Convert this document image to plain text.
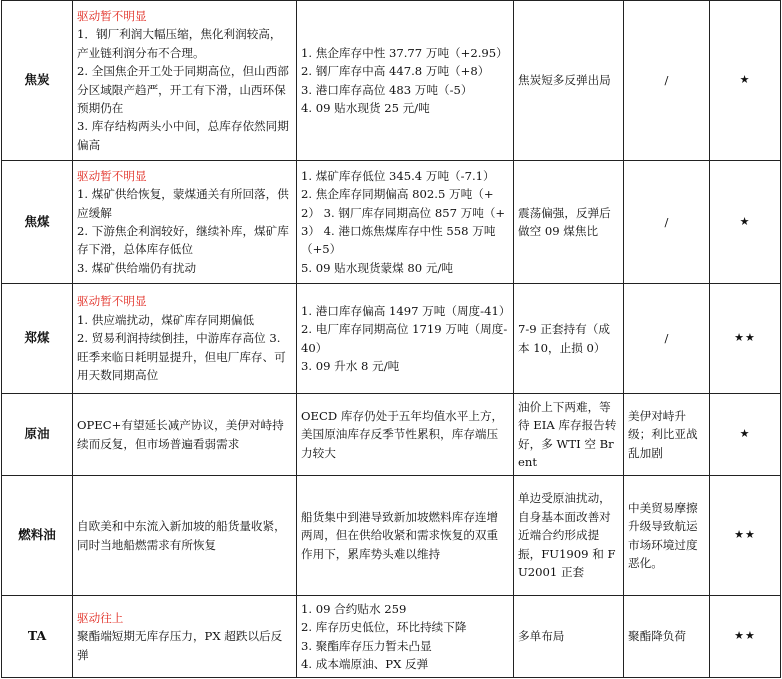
焦炭	驱动暂不明显
1．钢厂利润大幅压缩，焦化利润较高，产业链利润分布不合理。
2. 全国焦企开工处于同期高位，但山西部分区域限产趋严，开工有下滑，山西环保预期仍在
3. 库存结构两头小中间，总库存依然同期偏高	1. 焦企库存中性 37.77 万吨（+2.95）
2. 钢厂库存中高 447.8 万吨（+8）
3. 港口库存高位 483 万吨（-5）
4. 09 贴水现货 25 元/吨	焦炭短多反弹出局	/	★
焦煤	驱动暂不明显
1. 煤矿供给恢复，蒙煤通关有所回落，供应缓解
2. 下游焦企利润较好，继续补库，煤矿库存下滑，总体库存低位
3. 煤矿供给端仍有扰动	1. 煤矿库存低位 345.4 万吨（-7.1）
2. 焦企库存同期偏高 802.5 万吨（+2） 3. 钢厂库存同期高位 857 万吨（+3） 4. 港口炼焦煤库存中性 558 万吨（+5）
5. 09 贴水现货蒙煤 80 元/吨	震荡偏强，反弹后做空 09 煤焦比	/	★
郑煤	驱动暂不明显
1. 供应端扰动，煤矿库存同期偏低
2. 贸易利润持续倒挂，中游库存高位 3. 旺季来临日耗明显提升，但电厂库存、可用天数同期高位	1. 港口库存偏高 1497 万吨（周度-41）
2. 电厂库存同期高位 1719 万吨（周度-40）
3. 09 升水 8 元/吨	7-9 正套持有（成本 10，止损 0）	/	★★
原油	OPEC+有望延长减产协议，美伊对峙持续而反复，但市场普遍看弱需求	OECD 库存仍处于五年均值水平上方，美国原油库存反季节性累积，库存端压力较大	油价上下两难，等待 EIA 库存报告转好，多 WTI 空 Brent	美伊对峙升级；利比亚战乱加剧	★
燃料油	自欧美和中东流入新加坡的船货量收紧，同时当地船燃需求有所恢复	船货集中到港导致新加坡燃料库存连增两周，但在供给收紧和需求恢复的双重作用下，累库势头难以维持	单边受原油扰动，自身基本面改善对近端合约形成提振，FU1909 和 FU2001 正套	中美贸易摩擦升级导致航运市场环境过度恶化。	★★
TA	驱动往上
聚酯端短期无库存压力，PX 超跌以后反弹	1. 09 合约贴水 259
2. 库存历史低位，环比持续下降
3. 聚酯库存压力暂未凸显
4. 成本端原油、PX 反弹	多单布局	聚酯降负荷	★★
